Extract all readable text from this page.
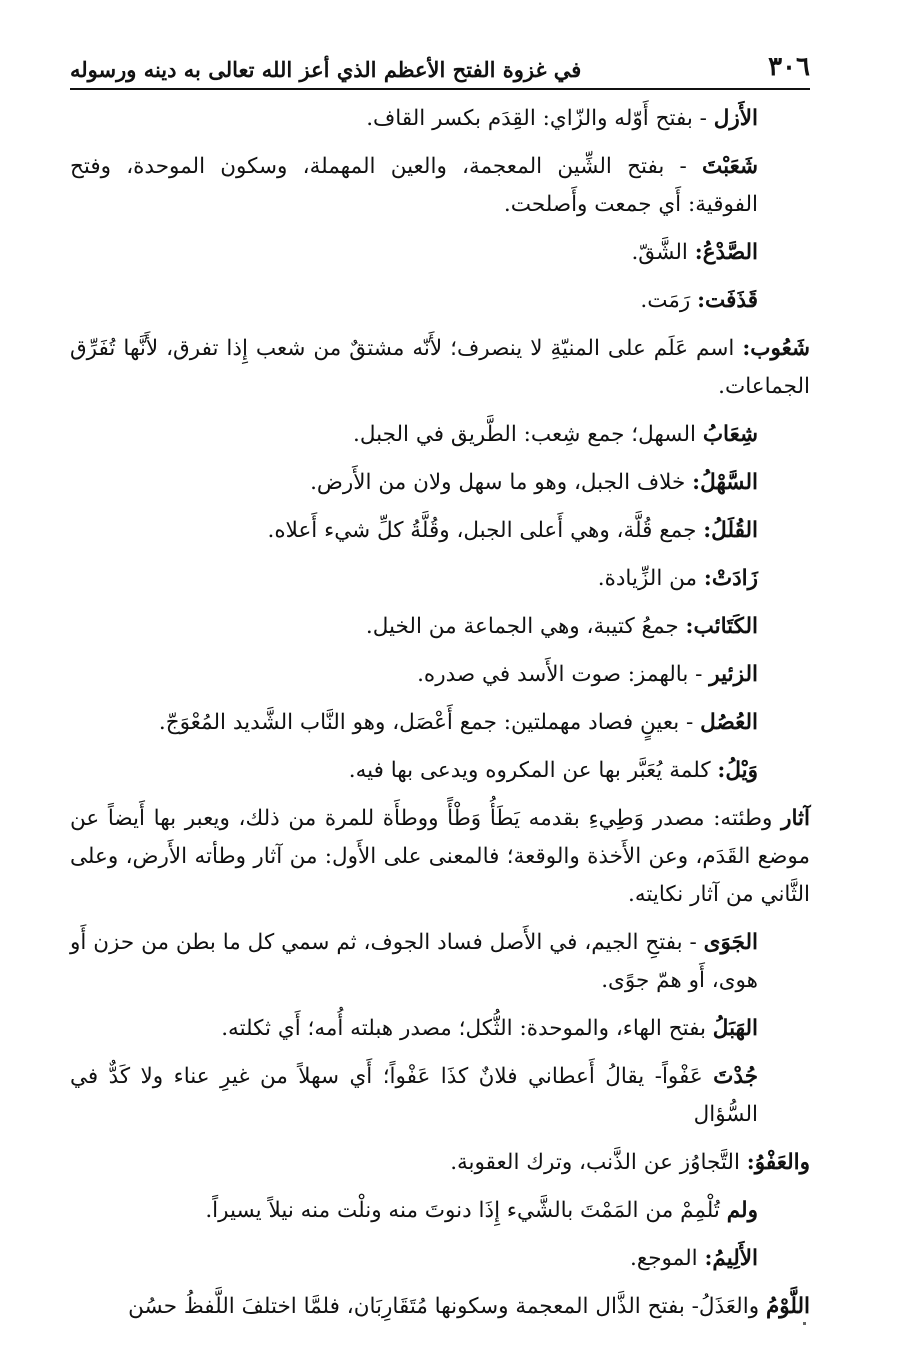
٣٠٦
في غزوة الفتح الأعظم الذي أعز الله تعالى به دينه ورسوله

الأَزل - بفتح أَوّله والزّاي: القِدَم بكسر القاف.

شَعَبْتَ - بفتح الشِّين المعجمة، والعين المهملة، وسكون الموحدة، وفتح الفوقية: أَي جمعت وأَصلحت.

الصَّدْعُ: الشَّقّ.

قَذَفَت: رَمَت.

شَعُوب: اسم عَلَم على المنيّةِ لا ينصرف؛ لأَنّه مشتقٌ من شعب إِذا تفرق، لأَنَّها تُفَرِّق الجماعات.

شِعَابُ السهل؛ جمع شِعب: الطَّريق في الجبل.

السَّهْلُ: خلاف الجبل، وهو ما سهل ولان من الأَرض.

القُلَلُ: جمع قُلَّة، وهي أَعلى الجبل، وقُلَّةُ كلِّ شيء أَعلاه.

زَادَتْ: من الزِّيادة.

الكَتَائب: جمعُ كتيبة، وهي الجماعة من الخيل.

الزئير - بالهمز: صوت الأَسد في صدره.

العُصُل - بعينٍ فصاد مهملتين: جمع أَعْصَل، وهو النَّاب الشَّديد المُعْوَجّ.

وَيْلُ: كلمة يُعَبَّر بها عن المكروه ويدعى بها فيه.

آثار وطئته: مصدر وَطِيءِ بقدمه يَطَأُ وَطْأً ووطأَة للمرة من ذلك، ويعبر بها أَيضاً عن موضع القَدَم، وعن الأَخذة والوقعة؛ فالمعنى على الأَول: من آثار وطأته الأَرض، وعلى الثَّاني من آثار نكايته.

الجَوَى - بفتحِ الجيم، في الأَصل فساد الجوف، ثم سمي كل ما بطن من حزن أَو هوى، أَو همّ جوًى.

الهَبَلُ بفتح الهاء، والموحدة: الثُّكل؛ مصدر هبلته أُمه؛ أَي ثكلته.

جُدْتَ عَفْواً- يقالُ أَعطاني فلانٌ كذَا عَفْواً؛ أَي سهلاً من غيرِ عناء ولا كَدٌّ في السُّؤال

والعَفْوُ: التَّجاوُز عن الذَّنب، وترك العقوبة.

ولم تُلْمِمْ من المَمْتَ بالشَّيء إِذَا دنوتَ منه ونلْت منه نيلاً يسيراً.

الأَلِيمُ: الموجع.

اللَّوْمُ والعَذَلُ- بفتح الذَّال المعجمة وسكونها مُتَقَارِبَان، فلمَّا اختلفَ اللَّفظُ حسُن
